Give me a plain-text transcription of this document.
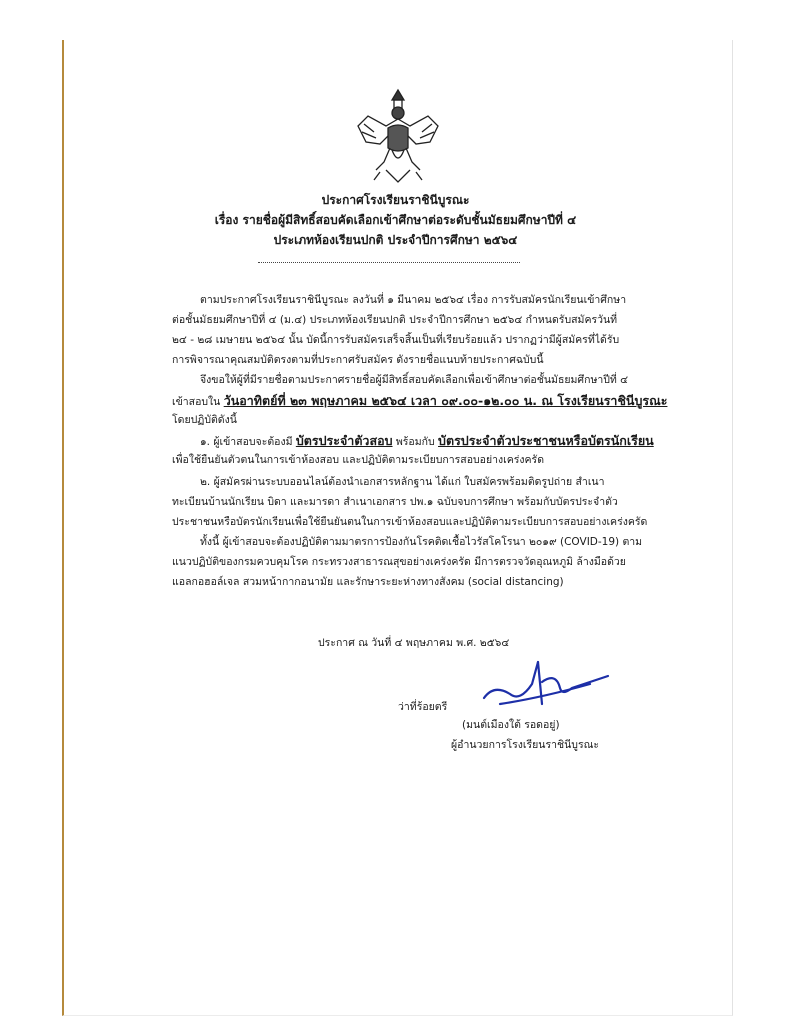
ประกาศโรงเรียนราชินีบูรณะ
เรื่อง รายชื่อผู้มีสิทธิ์สอบคัดเลือกเข้าศึกษาต่อระดับชั้นมัธยมศึกษาปีที่ ๔
ประเภทห้องเรียนปกติ ประจำปีการศึกษา ๒๕๖๔
ตามประกาศโรงเรียนราชินีบูรณะ ลงวันที่ ๑ มีนาคม ๒๕๖๔ เรื่อง การรับสมัครนักเรียนเข้าศึกษา
ต่อชั้นมัธยมศึกษาปีที่ ๔ (ม.๔) ประเภทห้องเรียนปกติ ประจำปีการศึกษา ๒๕๖๔ กำหนดรับสมัครวันที่
๒๔ - ๒๘ เมษายน ๒๕๖๔ นั้น บัดนี้การรับสมัครเสร็จสิ้นเป็นที่เรียบร้อยแล้ว ปรากฏว่ามีผู้สมัครที่ได้รับ
การพิจารณาคุณสมบัติตรงตามที่ประกาศรับสมัคร ดังรายชื่อแนบท้ายประกาศฉบับนี้
จึงขอให้ผู้ที่มีรายชื่อตามประกาศรายชื่อผู้มีสิทธิ์สอบคัดเลือกเพื่อเข้าศึกษาต่อชั้นมัธยมศึกษาปีที่ ๔
เข้าสอบใน วันอาทิตย์ที่ ๒๓ พฤษภาคม ๒๕๖๔ เวลา ๐๙.๐๐-๑๒.๐๐ น. ณ โรงเรียนราชินีบูรณะ
โดยปฏิบัติดังนี้
๑. ผู้เข้าสอบจะต้องมี บัตรประจำตัวสอบ พร้อมกับ บัตรประจำตัวประชาชนหรือบัตรนักเรียน
เพื่อใช้ยืนยันตัวตนในการเข้าห้องสอบ และปฏิบัติตามระเบียบการสอบอย่างเคร่งครัด
๒. ผู้สมัครผ่านระบบออนไลน์ต้องนำเอกสารหลักฐาน ได้แก่ ใบสมัครพร้อมติดรูปถ่าย สำเนา
ทะเบียนบ้านนักเรียน บิดา และมารดา สำเนาเอกสาร ปพ.๑ ฉบับจบการศึกษา พร้อมกับบัตรประจำตัว
ประชาชนหรือบัตรนักเรียนเพื่อใช้ยืนยันตนในการเข้าห้องสอบและปฏิบัติตามระเบียบการสอบอย่างเคร่งครัด
ทั้งนี้ ผู้เข้าสอบจะต้องปฏิบัติตามมาตรการป้องกันโรคติดเชื้อไวรัสโคโรนา ๒๐๑๙ (COVID-19) ตาม
แนวปฏิบัติของกรมควบคุมโรค กระทรวงสาธารณสุขอย่างเคร่งครัด มีการตรวจวัดอุณหภูมิ ล้างมือด้วย
แอลกอฮอล์เจล สวมหน้ากากอนามัย และรักษาระยะห่างทางสังคม (social distancing)
ประกาศ ณ วันที่ ๔ พฤษภาคม พ.ศ. ๒๕๖๔
ว่าที่ร้อยตรี
(มนต์เมืองใต้ รอดอยู่)
ผู้อำนวยการโรงเรียนราชินีบูรณะ
